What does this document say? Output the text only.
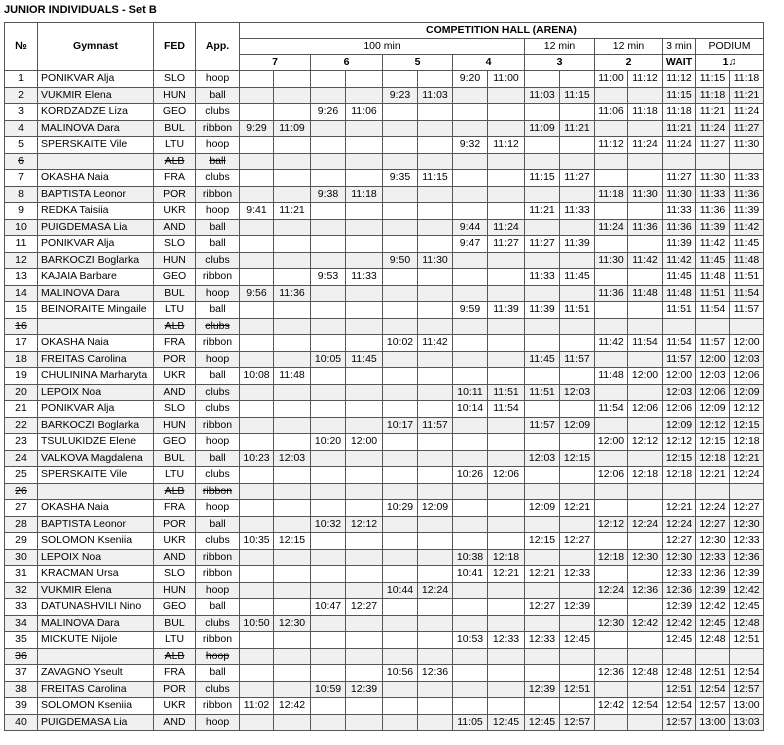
JUNIOR INDIVIDUALS - Set B
№	Gymnast	FED	App.	COMPETITION HALL (ARENA)														
				100 min								12 min		12 min		3 min	PODIUM	
				7		6		5		4		3		2		WAIT	1♫	
1	PONIKVAR Alja	SLO	hoop							9:20	11:00			11:00	11:12	11:12	11:15	11:18
2	VUKMIR Elena	HUN	ball					9:23	11:03			11:03	11:15			11:15	11:18	11:21
3	KORDZADZE Liza	GEO	clubs			9:26	11:06							11:06	11:18	11:18	11:21	11:24
4	MALINOVA Dara	BUL	ribbon	9:29	11:09							11:09	11:21			11:21	11:24	11:27
5	SPERSKAITE Vile	LTU	hoop							9:32	11:12			11:12	11:24	11:24	11:27	11:30
6		ALB	ball															
7	OKASHA Naia	FRA	clubs					9:35	11:15			11:15	11:27			11:27	11:30	11:33
8	BAPTISTA Leonor	POR	ribbon			9:38	11:18							11:18	11:30	11:30	11:33	11:36
9	REDKA Taisiia	UKR	hoop	9:41	11:21							11:21	11:33			11:33	11:36	11:39
10	PUIGDEMASA Lia	AND	ball							9:44	11:24			11:24	11:36	11:36	11:39	11:42
11	PONIKVAR Alja	SLO	ball							9:47	11:27	11:27	11:39			11:39	11:42	11:45
12	BARKOCZI Boglarka	HUN	clubs					9:50	11:30					11:30	11:42	11:42	11:45	11:48
13	KAJAIA Barbare	GEO	ribbon			9:53	11:33					11:33	11:45			11:45	11:48	11:51
14	MALINOVA Dara	BUL	hoop	9:56	11:36									11:36	11:48	11:48	11:51	11:54
15	BEINORAITE Mingaile	LTU	ball							9:59	11:39	11:39	11:51			11:51	11:54	11:57
16		ALB	clubs															
17	OKASHA Naia	FRA	ribbon					10:02	11:42					11:42	11:54	11:54	11:57	12:00
18	FREITAS Carolina	POR	hoop			10:05	11:45					11:45	11:57			11:57	12:00	12:03
19	CHULININA Marharyta	UKR	ball	10:08	11:48									11:48	12:00	12:00	12:03	12:06
20	LEPOIX Noa	AND	clubs							10:11	11:51	11:51	12:03			12:03	12:06	12:09
21	PONIKVAR Alja	SLO	clubs							10:14	11:54			11:54	12:06	12:06	12:09	12:12
22	BARKOCZI Boglarka	HUN	ribbon					10:17	11:57			11:57	12:09			12:09	12:12	12:15
23	TSULUKIDZE Elene	GEO	hoop			10:20	12:00							12:00	12:12	12:12	12:15	12:18
24	VALKOVA Magdalena	BUL	ball	10:23	12:03							12:03	12:15			12:15	12:18	12:21
25	SPERSKAITE Vile	LTU	clubs							10:26	12:06			12:06	12:18	12:18	12:21	12:24
26		ALB	ribbon															
27	OKASHA Naia	FRA	hoop					10:29	12:09			12:09	12:21			12:21	12:24	12:27
28	BAPTISTA Leonor	POR	ball			10:32	12:12							12:12	12:24	12:24	12:27	12:30
29	SOLOMON Kseniia	UKR	clubs	10:35	12:15							12:15	12:27			12:27	12:30	12:33
30	LEPOIX Noa	AND	ribbon							10:38	12:18			12:18	12:30	12:30	12:33	12:36
31	KRACMAN Ursa	SLO	ribbon							10:41	12:21	12:21	12:33			12:33	12:36	12:39
32	VUKMIR Elena	HUN	hoop					10:44	12:24					12:24	12:36	12:36	12:39	12:42
33	DATUNASHVILI Nino	GEO	ball			10:47	12:27					12:27	12:39			12:39	12:42	12:45
34	MALINOVA Dara	BUL	clubs	10:50	12:30									12:30	12:42	12:42	12:45	12:48
35	MICKUTE Nijole	LTU	ribbon							10:53	12:33	12:33	12:45			12:45	12:48	12:51
36		ALB	hoop															
37	ZAVAGNO Yseult	FRA	ball					10:56	12:36					12:36	12:48	12:48	12:51	12:54
38	FREITAS Carolina	POR	clubs			10:59	12:39					12:39	12:51			12:51	12:54	12:57
39	SOLOMON Kseniia	UKR	ribbon	11:02	12:42									12:42	12:54	12:54	12:57	13:00
40	PUIGDEMASA Lia	AND	hoop							11:05	12:45	12:45	12:57			12:57	13:00	13:03
